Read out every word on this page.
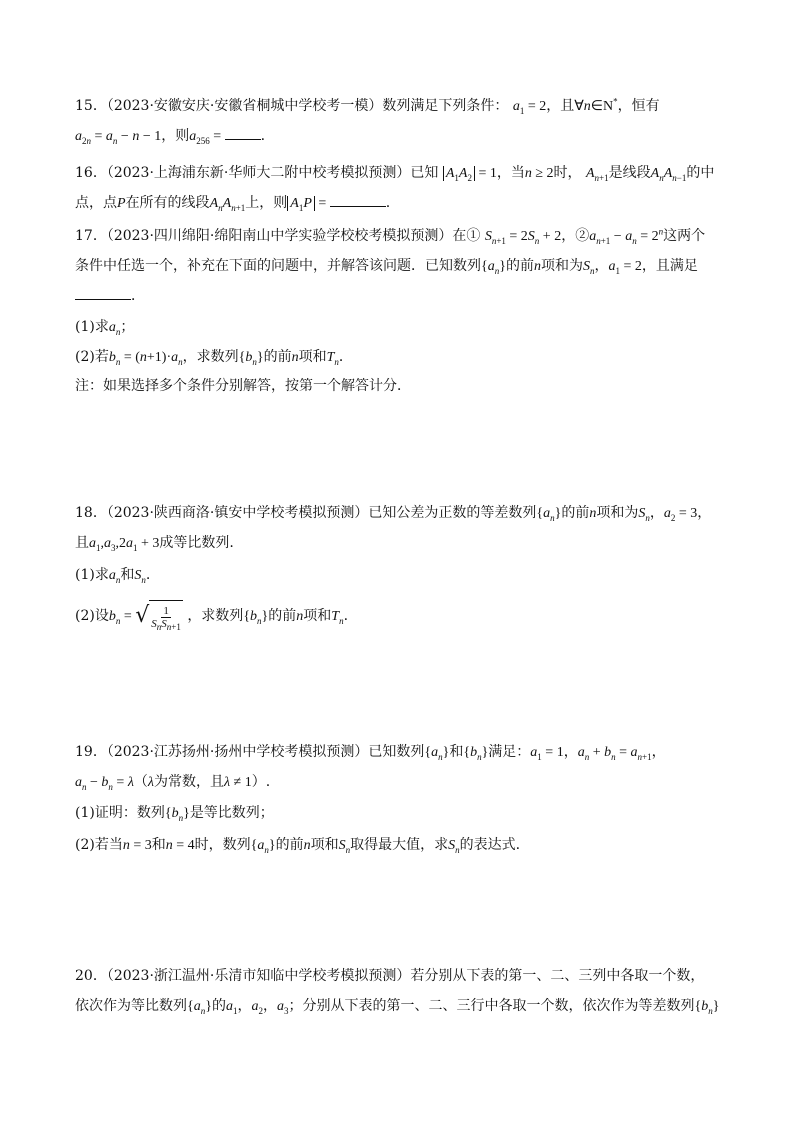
15．（2023·安徽安庆·安徽省桐城中学校考一模）数列满足下列条件： $a_1 = 2$，且∀n∈N*，恒有
$a_{2n} = a_n - n - 1$，则$a_{256}$ =	.
16．（2023·上海浦东新·华师大二附中校考模拟预测）已知 $A_1A_2 = 1$，当n ≥ 2时， $A_{n+1}$是线段$A_nA_{n-1}$的中
点，点P在所有的线段$A_nA_{n+1}$上，则 $A_1P$ =	.
17．（2023·四川绵阳·绵阳南山中学实验学校校考模拟预测）在① $S_{n+1} = 2S_n + 2$，$②a_{n+1} - a_n = 2^n$这两个
条件中任选一个，补充在下面的问题中，并解答该问题．已知数列$\{a_n\}$的前n项和为$S_n$，$a_1 = 2$，且满足
．
(1)求$a_n$；
(2)若$b_n = (n+1)\cdot a_n$，求数列$\{b_n\}$的前n项和$T_n$．
注：如果选择多个条件分别解答，按第一个解答计分．
18．（2023·陕西商洛·镇安中学校考模拟预测）已知公差为正数的等差数列$\{a_n\}$的前n项和为$S_n$，$a_2 = 3$，
且$a_1,a_3,2a_1 + 3$成等比数列.
(1)求$a_n$和$S_n$.
(2)设$b_n$ = √ $\frac{1}{S_nS_{n+1}}$ ，求数列$\{b_n\}$的前n项和$T_n$.
19．（2023·江苏扬州·扬州中学校考模拟预测）已知数列$\{a_n\}$和$\{b_n\}$满足：$a_1 = 1$，$a_n + b_n = a_{n+1}$，
$a_n - b_n = \lambda(\lambda$为常数，且λ ≠ 1）.
(1)证明：数列$\{b_n\}$是等比数列；
(2)若当n = 3和n = 4时，数列$\{a_n\}$的前n项和$S_n$取得最大值，求$S_n$的表达式.
20．（2023·浙江温州·乐清市知临中学校考模拟预测）若分别从下表的第一、二、三列中各取一个数，
依次作为等比数列$\{a_n\}$的$a_1$，$a_2$，$a_3$；分别从下表的第一、二、三行中各取一个数，依次作为等差数列$\{b_n\}$
